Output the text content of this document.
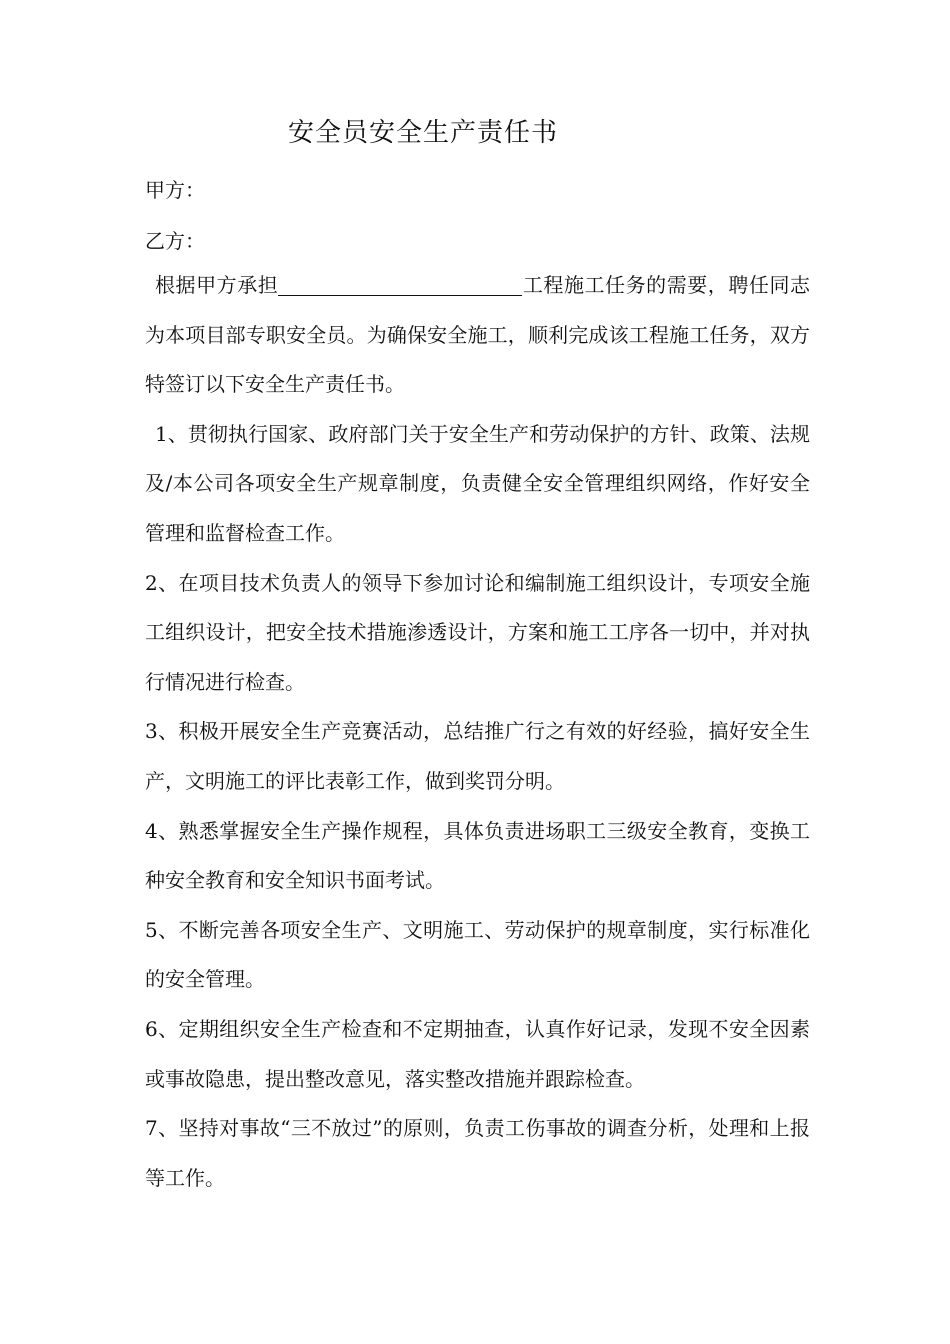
安全员安全生产责任书
甲方：
乙方：

根据甲方承担	工程施工任务的需要，聘任同志为本项目部专职安全员。为确保安全施工，顺利完成该工程施工任务，双方特签订以下安全生产责任书。

1、贯彻执行国家、政府部门关于安全生产和劳动保护的方针、政策、法规及/本公司各项安全生产规章制度，负责健全安全管理组织网络，作好安全管理和监督检查工作。

2、在项目技术负责人的领导下参加讨论和编制施工组织设计，专项安全施工组织设计，把安全技术措施渗透设计，方案和施工工序各一切中，并对执行情况进行检查。

3、积极开展安全生产竞赛活动，总结推广行之有效的好经验，搞好安全生产，文明施工的评比表彰工作，做到奖罚分明。

4、熟悉掌握安全生产操作规程，具体负责进场职工三级安全教育，变换工种安全教育和安全知识书面考试。

5、不断完善各项安全生产、文明施工、劳动保护的规章制度，实行标准化的安全管理。

6、定期组织安全生产检查和不定期抽查，认真作好记录，发现不安全因素或事故隐患，提出整改意见，落实整改措施并跟踪检查。

7、坚持对事故“三不放过”的原则，负责工伤事故的调查分析，处理和上报等工作。
